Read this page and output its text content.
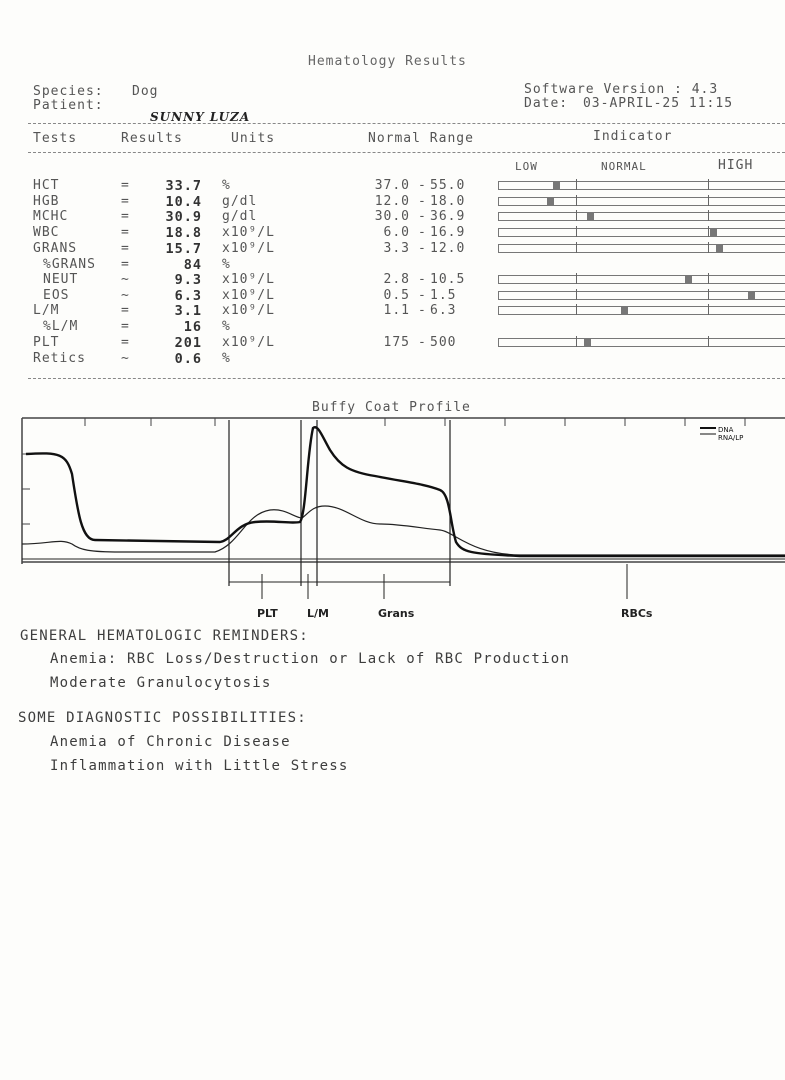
Hematology Results
Species: Dog
Patient:
SUNNY LUZA
Software Version : 4.3
Date: 03-APRIL-25 11:15
Tests	Results	Units	Normal Range	Indicator
LOW	NORMAL	HIGH
HCT	=	33.7 %	37.0 - 55.0
HGB	=	10.4 g/dl	12.0 - 18.0
MCHC	=	30.9 g/dl	30.0 - 36.9
WBC	=	18.8 x10⁹/L	6.0 - 16.9
GRANS	=	15.7 x10⁹/L	3.3 - 12.0
%GRANS =	84 %
NEUT	~	9.3 x10⁹/L	2.8 - 10.5
EOS	~	6.3 x10⁹/L	0.5 - 1.5
L/M	=	3.1 x10⁹/L	1.1 - 6.3
%L/M	=	16 %
PLT	=	201 x10⁹/L	175 - 500
Retics	~	0.6 %
Buffy Coat Profile
DNA
RNA/LP
PLT	L/M	Grans	RBCs
GENERAL HEMATOLOGIC REMINDERS:
Anemia: RBC Loss/Destruction or Lack of RBC Production
Moderate Granulocytosis
SOME DIAGNOSTIC POSSIBILITIES:
Anemia of Chronic Disease
Inflammation with Little Stress
